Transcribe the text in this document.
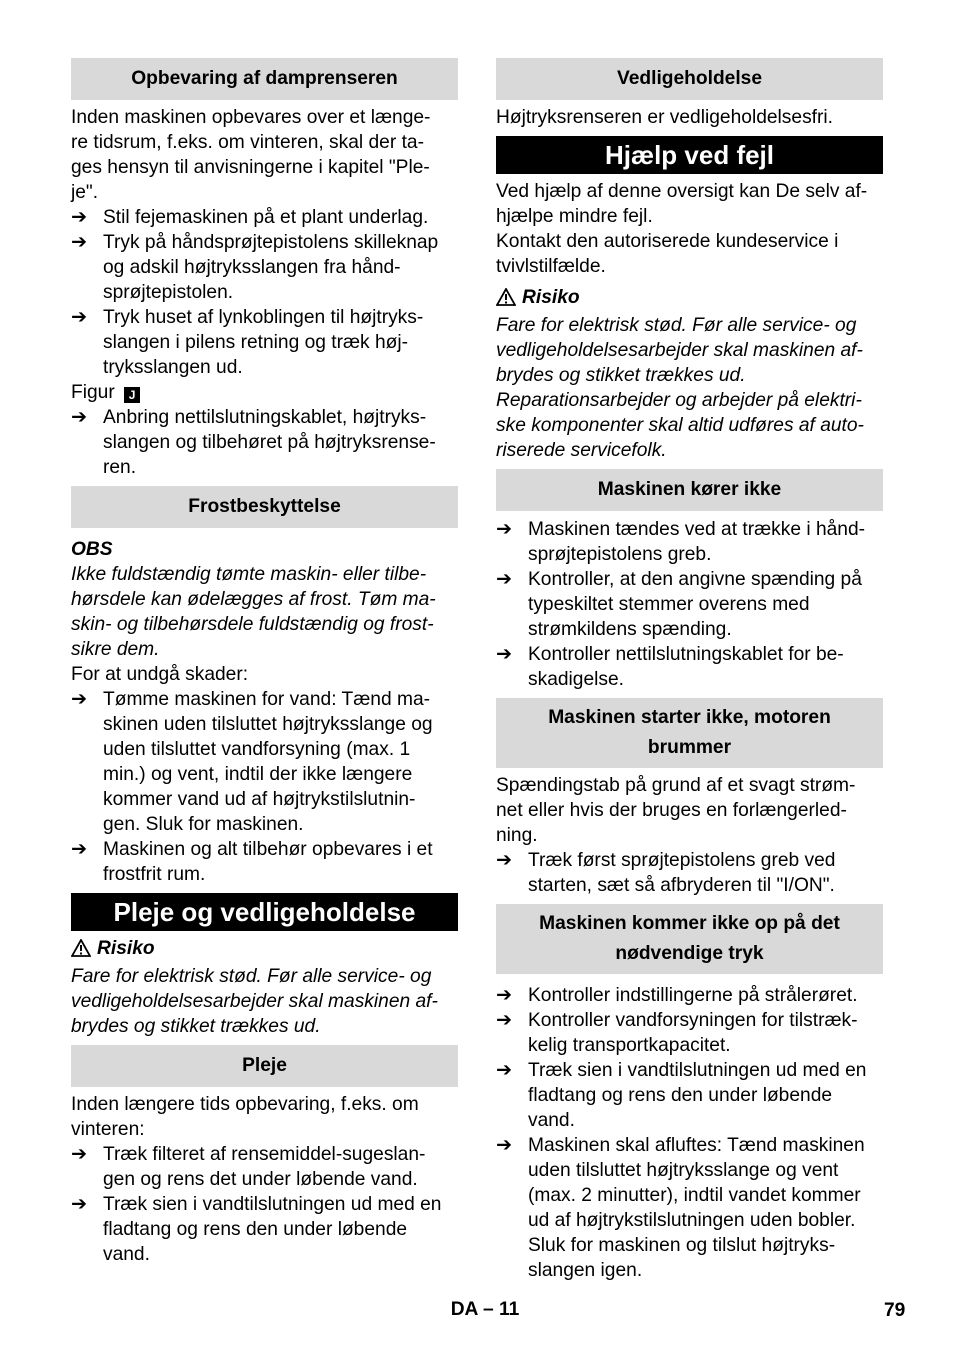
Opbevaring af damprenseren

Inden maskinen opbevares over et længe-
re tidsrum, f.eks. om vinteren, skal der ta-
ges hensyn til anvisningerne i kapitel "Ple-
je".

➔ Stil fejemaskinen på et plant underlag.
➔ Tryk på håndsprøjtepistolens skilleknap
og adskil højtryksslangen fra hånd-
sprøjtepistolen.
➔ Tryk huset af lynkoblingen til højtryks-
slangen i pilens retning og træk høj-
tryksslangen ud.

Figur J

➔ Anbring nettilslutningskablet, højtryks-
slangen og tilbehøret på højtryksrense-
ren.
Frostbeskyttelse

OBS

Ikke fuldstændig tømte maskin- eller tilbe-
hørsdele kan ødelægges af frost. Tøm ma-
skin- og tilbehørsdele fuldstændig og frost-
sikre dem.

For at undgå skader:

➔ Tømme maskinen for vand: Tænd ma-
skinen uden tilsluttet højtryksslange og
uden tilsluttet vandforsyning (max. 1
min.) og vent, indtil der ikke længere
kommer vand ud af højtrykstilslutnin-
gen. Sluk for maskinen.
➔ Maskinen og alt tilbehør opbevares i et
frostfrit rum.
Pleje og vedligeholdelse

Risiko

Fare for elektrisk stød. Før alle service- og
vedligeholdelsesarbejder skal maskinen af-
brydes og stikket trækkes ud.

Pleje

Inden længere tids opbevaring, f.eks. om
vinteren:

➔ Træk filteret af rensemiddel-sugeslan-
gen og rens det under løbende vand.
➔ Træk sien i vandtilslutningen ud med en
fladtang og rens den under løbende
vand.
Vedligeholdelse

Højtryksrenseren er vedligeholdelsesfri.

Hjælp ved fejl

Ved hjælp af denne oversigt kan De selv af-
hjælpe mindre fejl.
Kontakt den autoriserede kundeservice i
tvivlstilfælde.

Risiko

Fare for elektrisk stød. Før alle service- og
vedligeholdelsesarbejder skal maskinen af-
brydes og stikket trækkes ud.
Reparationsarbejder og arbejder på elektri-
ske komponenter skal altid udføres af auto-
riserede servicefolk.

Maskinen kører ikke
➔ Maskinen tændes ved at trække i hånd-
sprøjtepistolens greb.
➔ Kontroller, at den angivne spænding på
typeskiltet stemmer overens med
strømkildens spænding.
➔ Kontroller nettilslutningskablet for be-
skadigelse.
Maskinen starter ikke, motoren
brummer

Spændingstab på grund af et svagt strøm-
net eller hvis der bruges en forlængerled-
ning.

➔ Træk først sprøjtepistolens greb ved
starten, sæt så afbryderen til "I/ON".
Maskinen kommer ikke op på det
nødvendige tryk
➔ Kontroller indstillingerne på strålerøret.
➔ Kontroller vandforsyningen for tilstræk-
kelig transportkapacitet.
➔ Træk sien i vandtilslutningen ud med en
fladtang og rens den under løbende
vand.
➔ Maskinen skal afluftes: Tænd maskinen
uden tilsluttet højtryksslange og vent
(max. 2 minutter), indtil vandet kommer
ud af højtrykstilslutningen uden bobler.
Sluk for maskinen og tilslut højtryks-
slangen igen.
DA – 11	79
